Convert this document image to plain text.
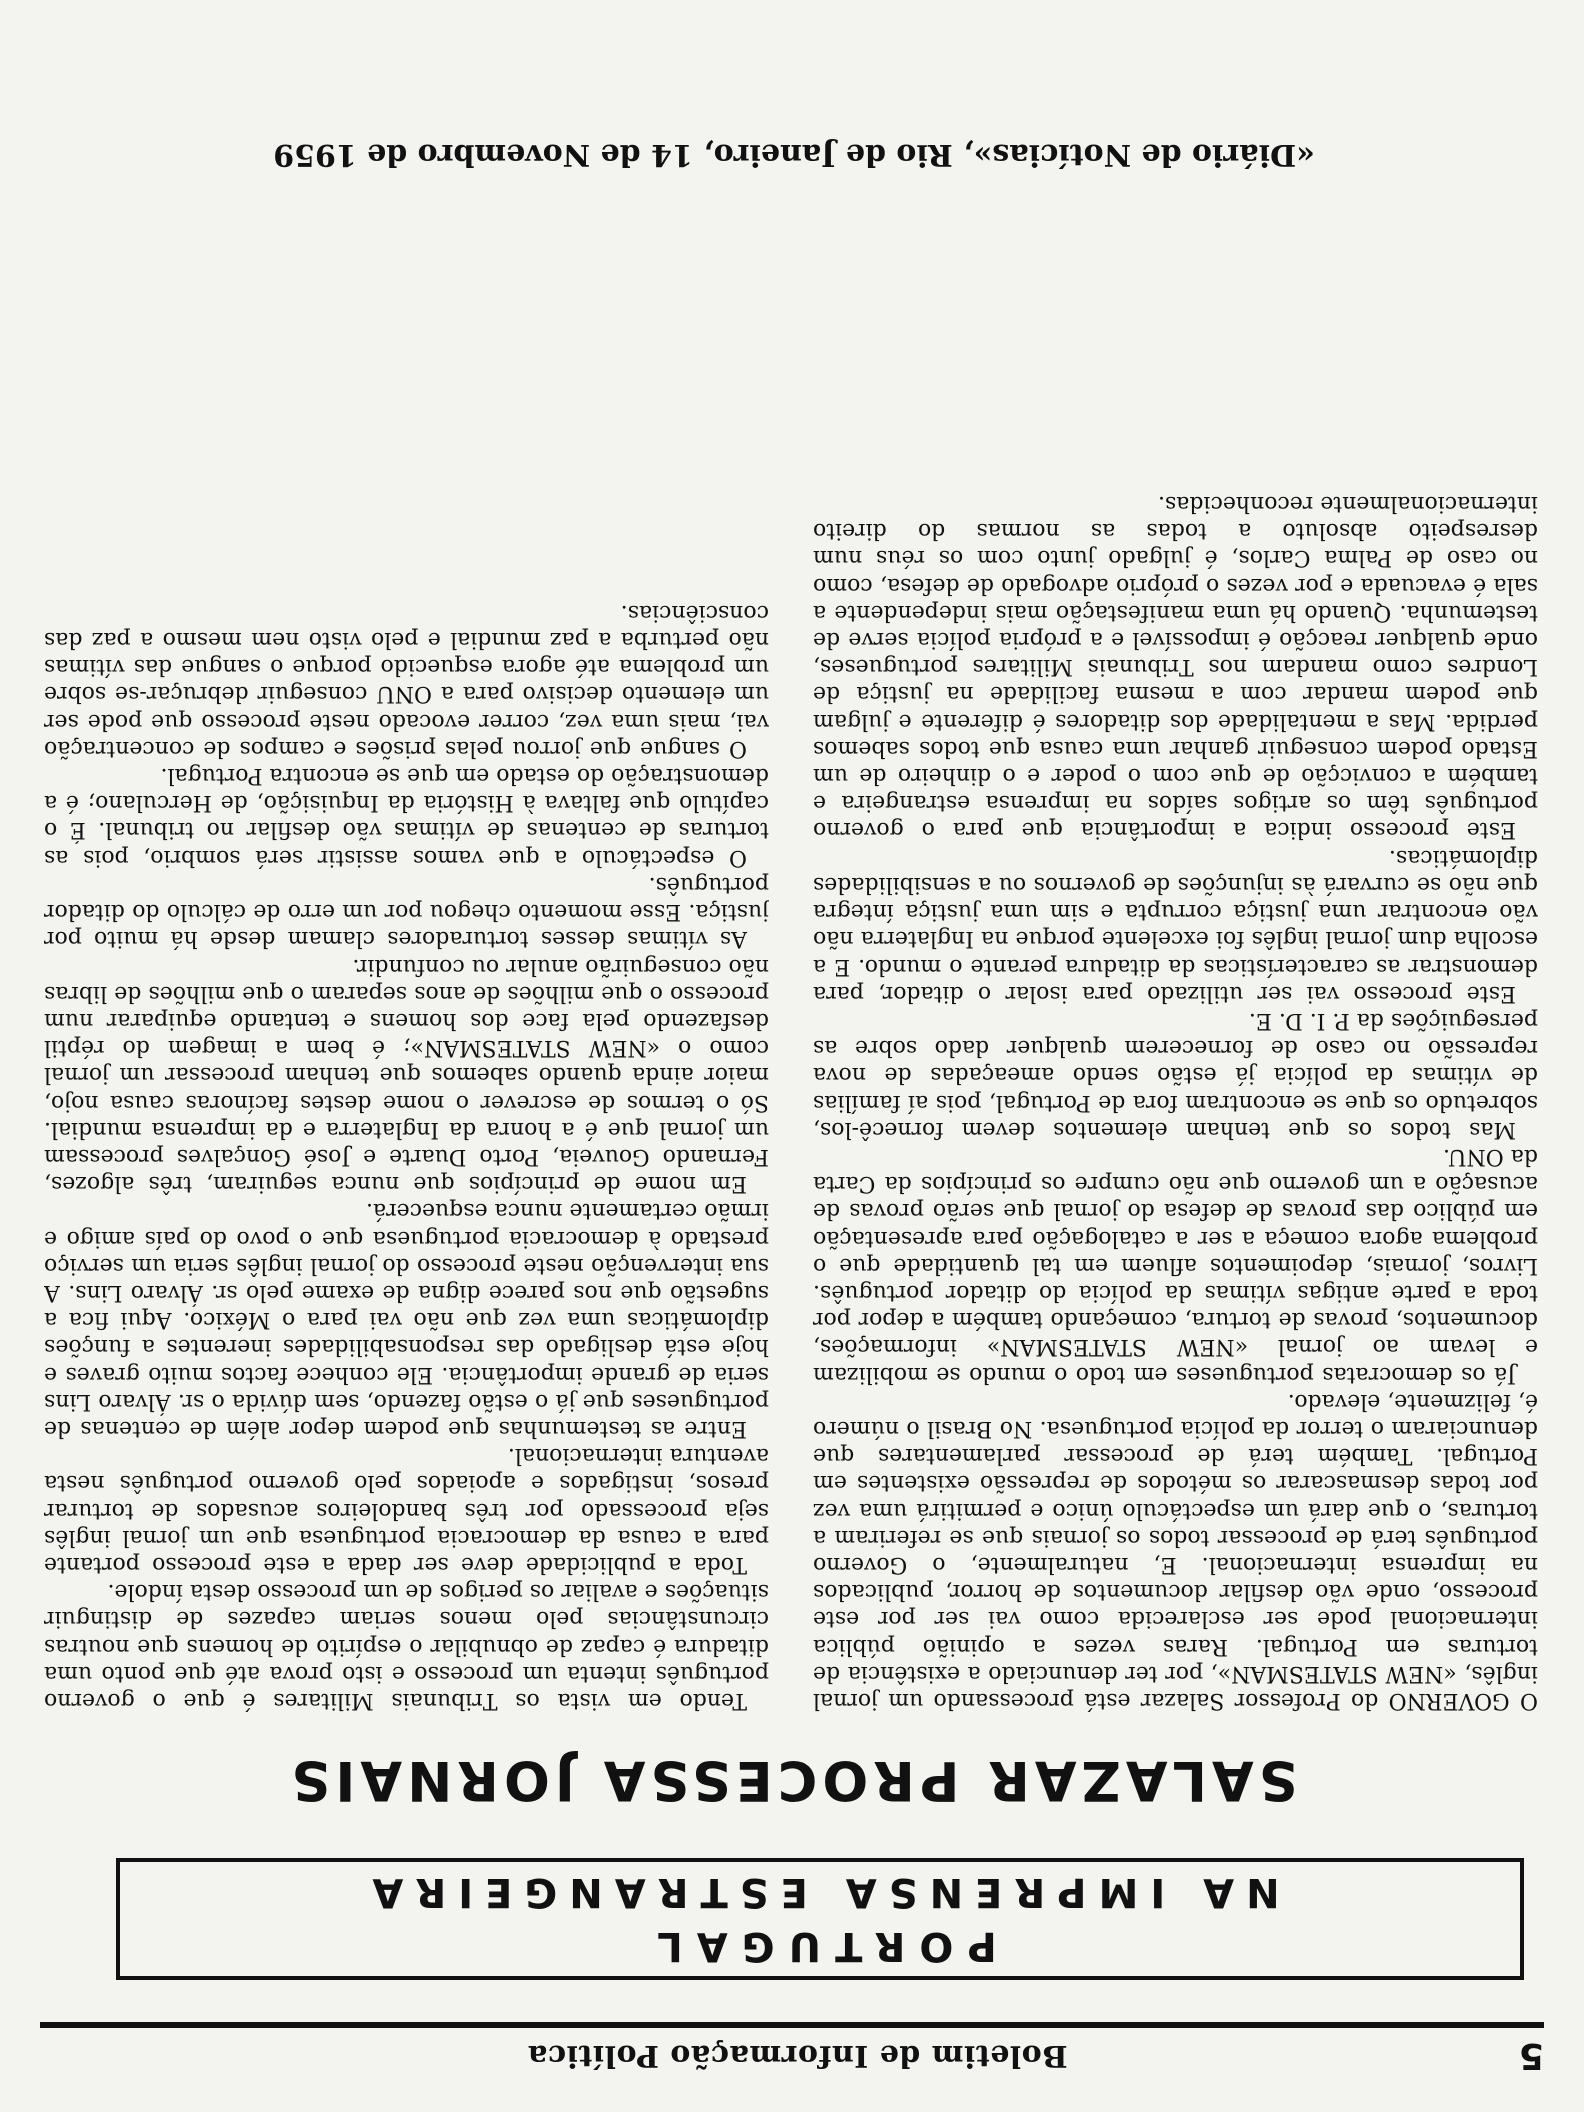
5
Boletim de Informação Política
PORTUGAL
NA IMPRENSA ESTRANGEIRA
SALAZAR PROCESSA JORNAIS

O GOVERNO do Professor Salazar está processando um jornal inglês, «NEW STATESMAN», por ter denunciado a existência de torturas em Portugal. Raras vezes a opinião pública internacional pode ser esclarecida como vai ser por este processo, onde vão desfilar documentos de horror, publicados na imprensa internacional. E, naturalmente, o Governo português terá de processar todos os jornais que se referiram a torturas, o que dará um espectáculo único e permitirá uma vez por todas desmascarar os métodos de repressão existentes em Portugal. Também terá de processar parlamentares que denunciaram o terror da polícia portuguesa. No Brasil o número é, felizmente, elevado.

Já os democratas portugueses em todo o mundo se mobilizam e levam ao jornal «NEW STATESMAN» informações, documentos, provas de tortura, começando também a depor por toda a parte antigas vítimas da polícia do ditador português. Livros, jornais, depoimentos afluem em tal quantidade que o problema agora começa a ser a catalogação para apresentação em público das provas de defesa do jornal que serão provas de acusação a um governo que não cumpre os princípios da Carta da ONU.

Mas todos os que tenham elementos devem fornecê-los, sobretudo os que se encontram fora de Portugal, pois aí famílias de vítimas da polícia já estão sendo ameaçadas de nova repressão no caso de fornecerem qualquer dado sobre as perseguições da P. I. D. E.

Este processo vai ser utilizado para isolar o ditador, para demonstrar as características da ditadura perante o mundo. E a escolha dum jornal inglês foi excelente porque na Inglaterra não vão encontrar uma justiça corrupta e sim uma justiça íntegra que não se curvará às injunções de governos ou a sensibilidades diplomáticas.

Este processo indica a importância que para o governo português têm os artigos saídos na imprensa estrangeira e também a convicção de que com o poder e o dinheiro de um Estado podem conseguir ganhar uma causa que todos sabemos perdida. Mas a mentalidade dos ditadores é diferente e julgam que podem mandar com a mesma facilidade na justiça de Londres como mandam nos Tribunais Militares portugueses, onde qualquer reacção é impossível e a própria polícia serve de testemunha. Quando há uma manifestação mais independente a sala é evacuada e por vezes o próprio advogado de defesa, como no caso de Palma Carlos, é julgado junto com os réus num desrespeito absoluto a todas as normas do direito internacionalmente reconhecidas.

Tendo em vista os Tribunais Militares é que o governo português intenta um processo e isto prova até que ponto uma ditadura é capaz de obnubilar o espírito de homens que noutras circunstâncias pelo menos seriam capazes de distinguir situações e avaliar os perigos de um processo desta índole.

Toda a publicidade deve ser dada a este processo portante para a causa da democracia portuguesa que um jornal inglês seja processado por três bandoleiros acusados de torturar presos, instigados e apoiados pelo governo português nesta aventura internacional.

Entre as testemunhas que podem depor além de centenas de portugueses que já o estão fazendo, sem dúvida o sr. Álvaro Lins seria de grande importância. Ele conhece factos muito graves e hoje está desligado das responsabilidades inerentes a funções diplomáticas uma vez que não vai para o México. Aqui fica a sugestão que nos parece digna de exame pelo sr. Álvaro Lins. A sua intervenção neste processo do jornal inglês seria um serviço prestado à democracia portuguesa que o povo do país amigo e irmão certamente nunca esquecerá.

Em nome de princípios que nunca seguiram, três algozes, Fernando Gouveia, Porto Duarte e José Gonçalves processam um jornal que é a honra da Inglaterra e da imprensa mundial. Só o termos de escrever o nome destes facínoras causa nojo, maior ainda quando sabemos que tenham processar um jornal como o «NEW STATESMAN»; é bem a imagem do réptil desfazendo pela face dos homens e tentando equiparar num processo o que milhões de anos separam o que milhões de libras não conseguirão anular ou confundir.

As vítimas desses torturadores clamam desde há muito por justiça. Esse momento chegou por um erro de cálculo do ditador português.

O espectáculo a que vamos assistir será sombrio, pois as torturas de centenas de vítimas vão desfilar no tribunal. É o capítulo que faltava à História da Inquisição, de Herculano; é a demonstração do estado em que se encontra Portugal.

O sangue que jorrou pelas prisões e campos de concentração vai, mais uma vez, correr evocado neste processo que pode ser um elemento decisivo para a ONU conseguir debruçar-se sobre um problema até agora esquecido porque o sangue das vítimas não perturba a paz mundial e pelo visto nem mesmo a paz das consciências.

«Diário de Notícias», Rio de Janeiro, 14 de Novembro de 1959
